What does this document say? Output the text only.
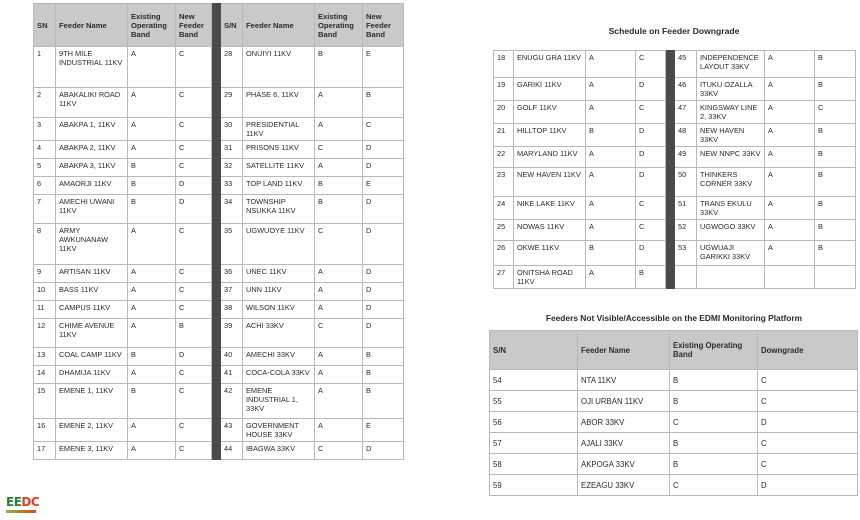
SN	Feeder Name	Existing Operating Band	New Feeder Band		S/N	Feeder Name	Existing Operating Band	New Feeder Band
1	9TH MILE INDUSTRIAL 11KV	A	C		28	ONUIYI 11KV	B	E
2	ABAKALIKI ROAD 11KV	A	C		29	PHASE 6, 11KV	A	B
3	ABAKPA 1, 11KV	A	C		30	PRESIDENTIAL 11KV	A	C
4	ABAKPA 2, 11KV	A	C		31	PRISONS 11KV	C	D
5	ABAKPA 3, 11KV	B	C		32	SATELLITE 11KV	A	D
6	AMAORJI 11KV	B	D		33	TOP LAND 11KV	B	E
7	AMECHI UWANI 11KV	B	D		34	TOWNSHIP NSUKKA 11KV	B	D
8	ARMY AWKUNANAW 11KV	A	C		35	UGWUOYE 11KV	C	D
9	ARTISAN 11KV	A	C		36	UNEC 11KV	A	D
10	BASS 11KV	A	C		37	UNN 11KV	A	D
11	CAMPUS 11KV	A	C		38	WILSON 11KV	A	D
12	CHIME AVENUE 11KV	A	B		39	ACHI 33KV	C	D
13	COAL CAMP 11KV	B	D		40	AMECHI 33KV	A	B
14	DHAMIJA 11KV	A	C		41	COCA-COLA 33KV	A	B
15	EMENE 1, 11KV	B	C		42	EMENE INDUSTRIAL 1, 33KV	A	B
16	EMENE 2, 11KV	A	C		43	GOVERNMENT HOUSE 33KV	A	E
17	EMENE 3, 11KV	A	C		44	IBAGWA 33KV	C	D
Schedule on Feeder Downgrade
18	ENUGU GRA 11KV	A	C		45	INDEPENDENCE LAYOUT 33KV	A	B
19	GARIKI 11KV	A	D		46	ITUKU OZALLA 33KV	A	B
20	GOLF 11KV	A	C		47	KINGSWAY LINE 2, 33KV	A	C
21	HILLTOP 11KV	B	D		48	NEW HAVEN 33KV	A	B
22	MARYLAND 11KV	A	D		49	NEW NNPC 33KV	A	B
23	NEW HAVEN 11KV	A	D		50	THINKERS CORNER 33KV	A	B
24	NIKE LAKE 11KV	A	C		51	TRANS EKULU 33KV	A	B
25	NOWAS 11KV	A	C		52	UGWOGO 33KV	A	B
26	OKWE 11KV	B	D		53	UGWUAJI GARIKKI 33KV	A	B
27	ONITSHA ROAD 11KV	A	B					
Feeders Not Visible/Accessible on the EDMI Monitoring Platform
S/N	Feeder Name	Existing Operating Band	Downgrade
54	NTA 11KV	B	C
55	OJI URBAN 11KV	B	C
56	ABOR 33KV	C	D
57	AJALI 33KV	B	C
58	AKPOGA 33KV	B	C
59	EZEAGU 33KV	C	D
EEDC
